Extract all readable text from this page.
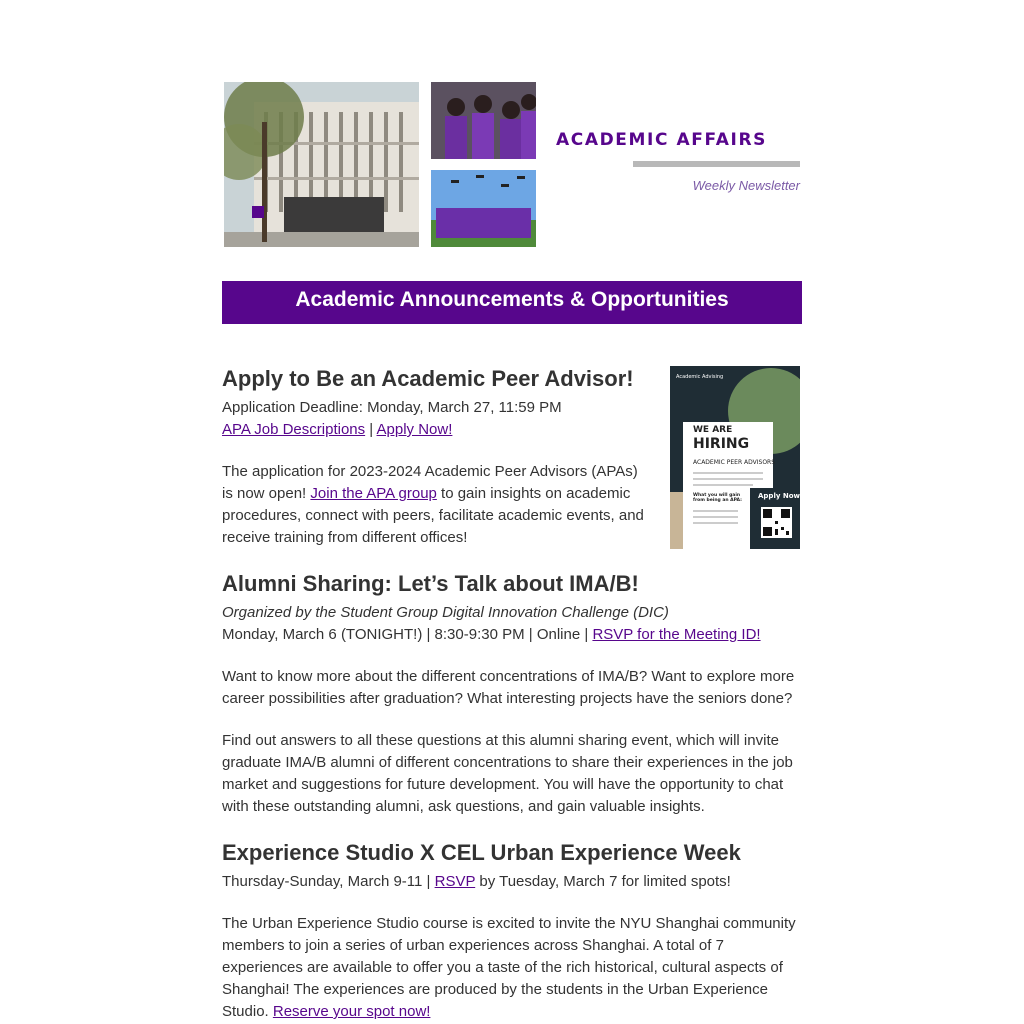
ACADEMIC AFFAIRS
Weekly Newsletter
Academic Announcements & Opportunities
Academic Advising
WE ARE
HIRING
ACADEMIC PEER ADVISORS
What you will gain from being an APA:
Apply Now
Apply to Be an Academic Peer Advisor!
Application Deadline: Monday, March 27, 11:59 PM
APA Job Descriptions | Apply Now!
The application for 2023-2024 Academic Peer Advisors (APAs) is now open! Join the APA group to gain insights on academic procedures, connect with peers, facilitate academic events, and receive training from different offices!
Alumni Sharing: Let’s Talk about IMA/B!
Organized by the Student Group Digital Innovation Challenge (DIC)
Monday, March 6 (TONIGHT!) | 8:30-9:30 PM | Online | RSVP for the Meeting ID!
Want to know more about the different concentrations of IMA/B? Want to explore more career possibilities after graduation? What interesting projects have the seniors done?
Find out answers to all these questions at this alumni sharing event, which will invite graduate IMA/B alumni of different concentrations to share their experiences in the job market and suggestions for future development. You will have the opportunity to chat with these outstanding alumni, ask questions, and gain valuable insights.
Experience Studio X CEL Urban Experience Week
Thursday-Sunday, March 9-11 | RSVP by Tuesday, March 7 for limited spots!
The Urban Experience Studio course is excited to invite the NYU Shanghai community members to join a series of urban experiences across Shanghai. A total of 7 experiences are available to offer you a taste of the rich historical, cultural aspects of Shanghai! The experiences are produced by the students in the Urban Experience Studio. Reserve your spot now!
